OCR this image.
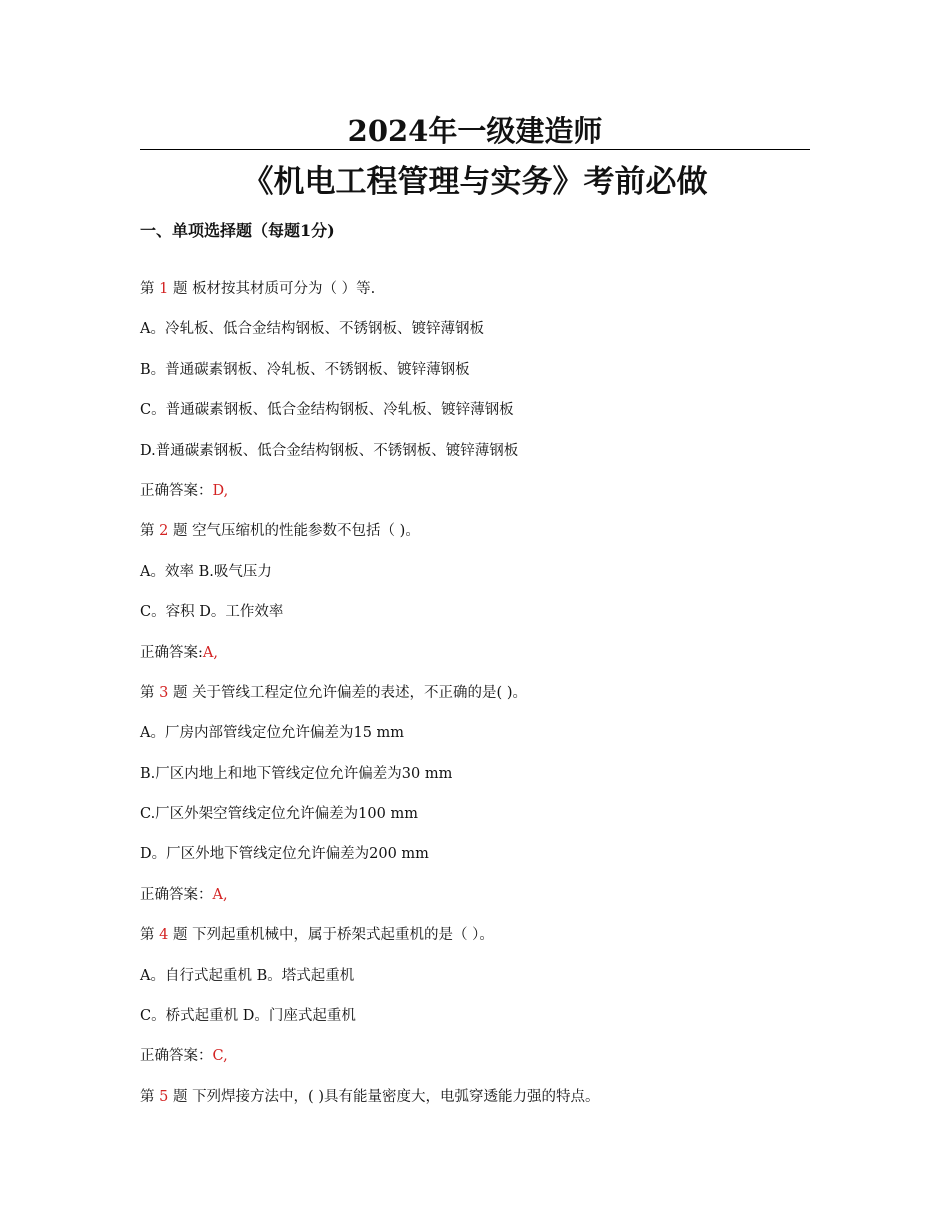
2024年一级建造师
《机电工程管理与实务》考前必做
一、单项选择题（每题1分)
第 1 题 板材按其材质可分为（ ）等.
A。冷轧板、低合金结构钢板、不锈钢板、镀锌薄钢板
B。普通碳素钢板、冷轧板、不锈钢板、镀锌薄钢板
C。普通碳素钢板、低合金结构钢板、冷轧板、镀锌薄钢板
D.普通碳素钢板、低合金结构钢板、不锈钢板、镀锌薄钢板
正确答案：D,
第 2 题 空气压缩机的性能参数不包括（ )。
A。效率 B.吸气压力
C。容积 D。工作效率
正确答案:A,
第 3 题 关于管线工程定位允许偏差的表述，不正确的是( )。
A。厂房内部管线定位允许偏差为15 mm
B.厂区内地上和地下管线定位允许偏差为30 mm
C.厂区外架空管线定位允许偏差为100 mm
D。厂区外地下管线定位允许偏差为200 mm
正确答案：A,
第 4 题 下列起重机械中，属于桥架式起重机的是（ ）。
A。自行式起重机 B。塔式起重机
C。桥式起重机 D。门座式起重机
正确答案：C,
第 5 题 下列焊接方法中，( )具有能量密度大，电弧穿透能力强的特点。
